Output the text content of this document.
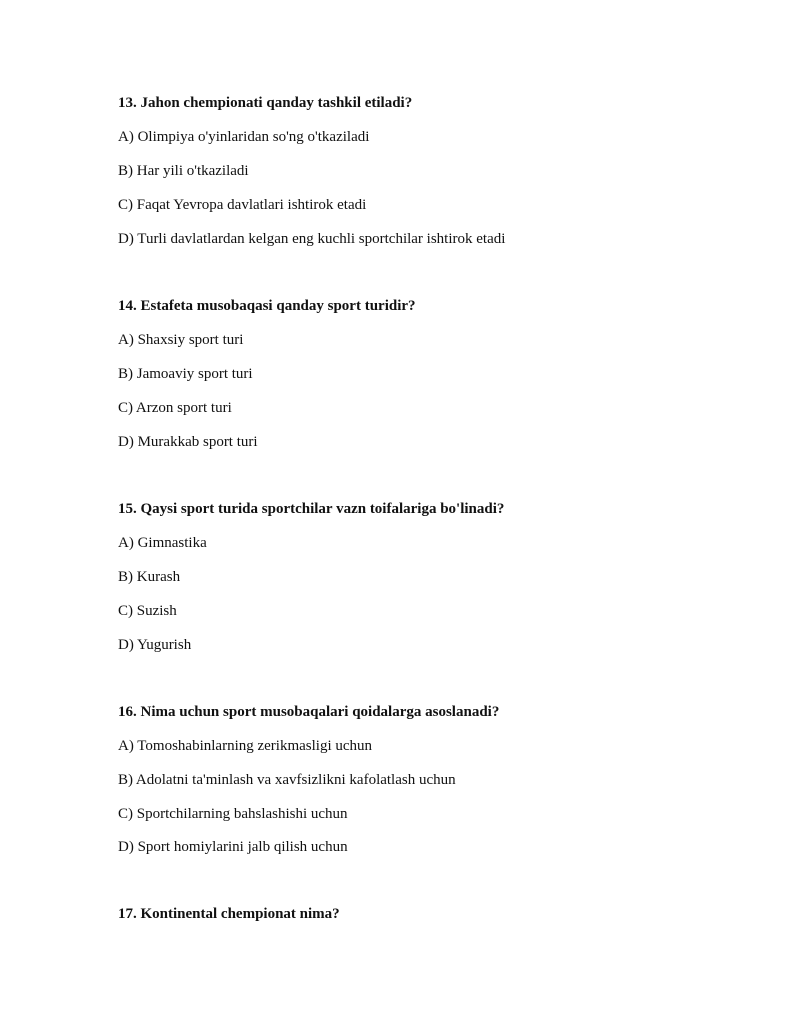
13. Jahon chempionati qanday tashkil etiladi?
A) Olimpiya o'yinlaridan so'ng o'tkaziladi
B) Har yili o'tkaziladi
C) Faqat Yevropa davlatlari ishtirok etadi
D) Turli davlatlardan kelgan eng kuchli sportchilar ishtirok etadi
14. Estafeta musobaqasi qanday sport turidir?
A) Shaxsiy sport turi
B) Jamoaviy sport turi
C) Arzon sport turi
D) Murakkab sport turi
15. Qaysi sport turida sportchilar vazn toifalariga bo'linadi?
A) Gimnastika
B) Kurash
C) Suzish
D) Yugurish
16. Nima uchun sport musobaqalari qoidalarga asoslanadi?
A) Tomoshabinlarning zerikmasligi uchun
B) Adolatni ta'minlash va xavfsizlikni kafolatlash uchun
C) Sportchilarning bahslashishi uchun
D) Sport homiylarini jalb qilish uchun
17. Kontinental chempionat nima?
